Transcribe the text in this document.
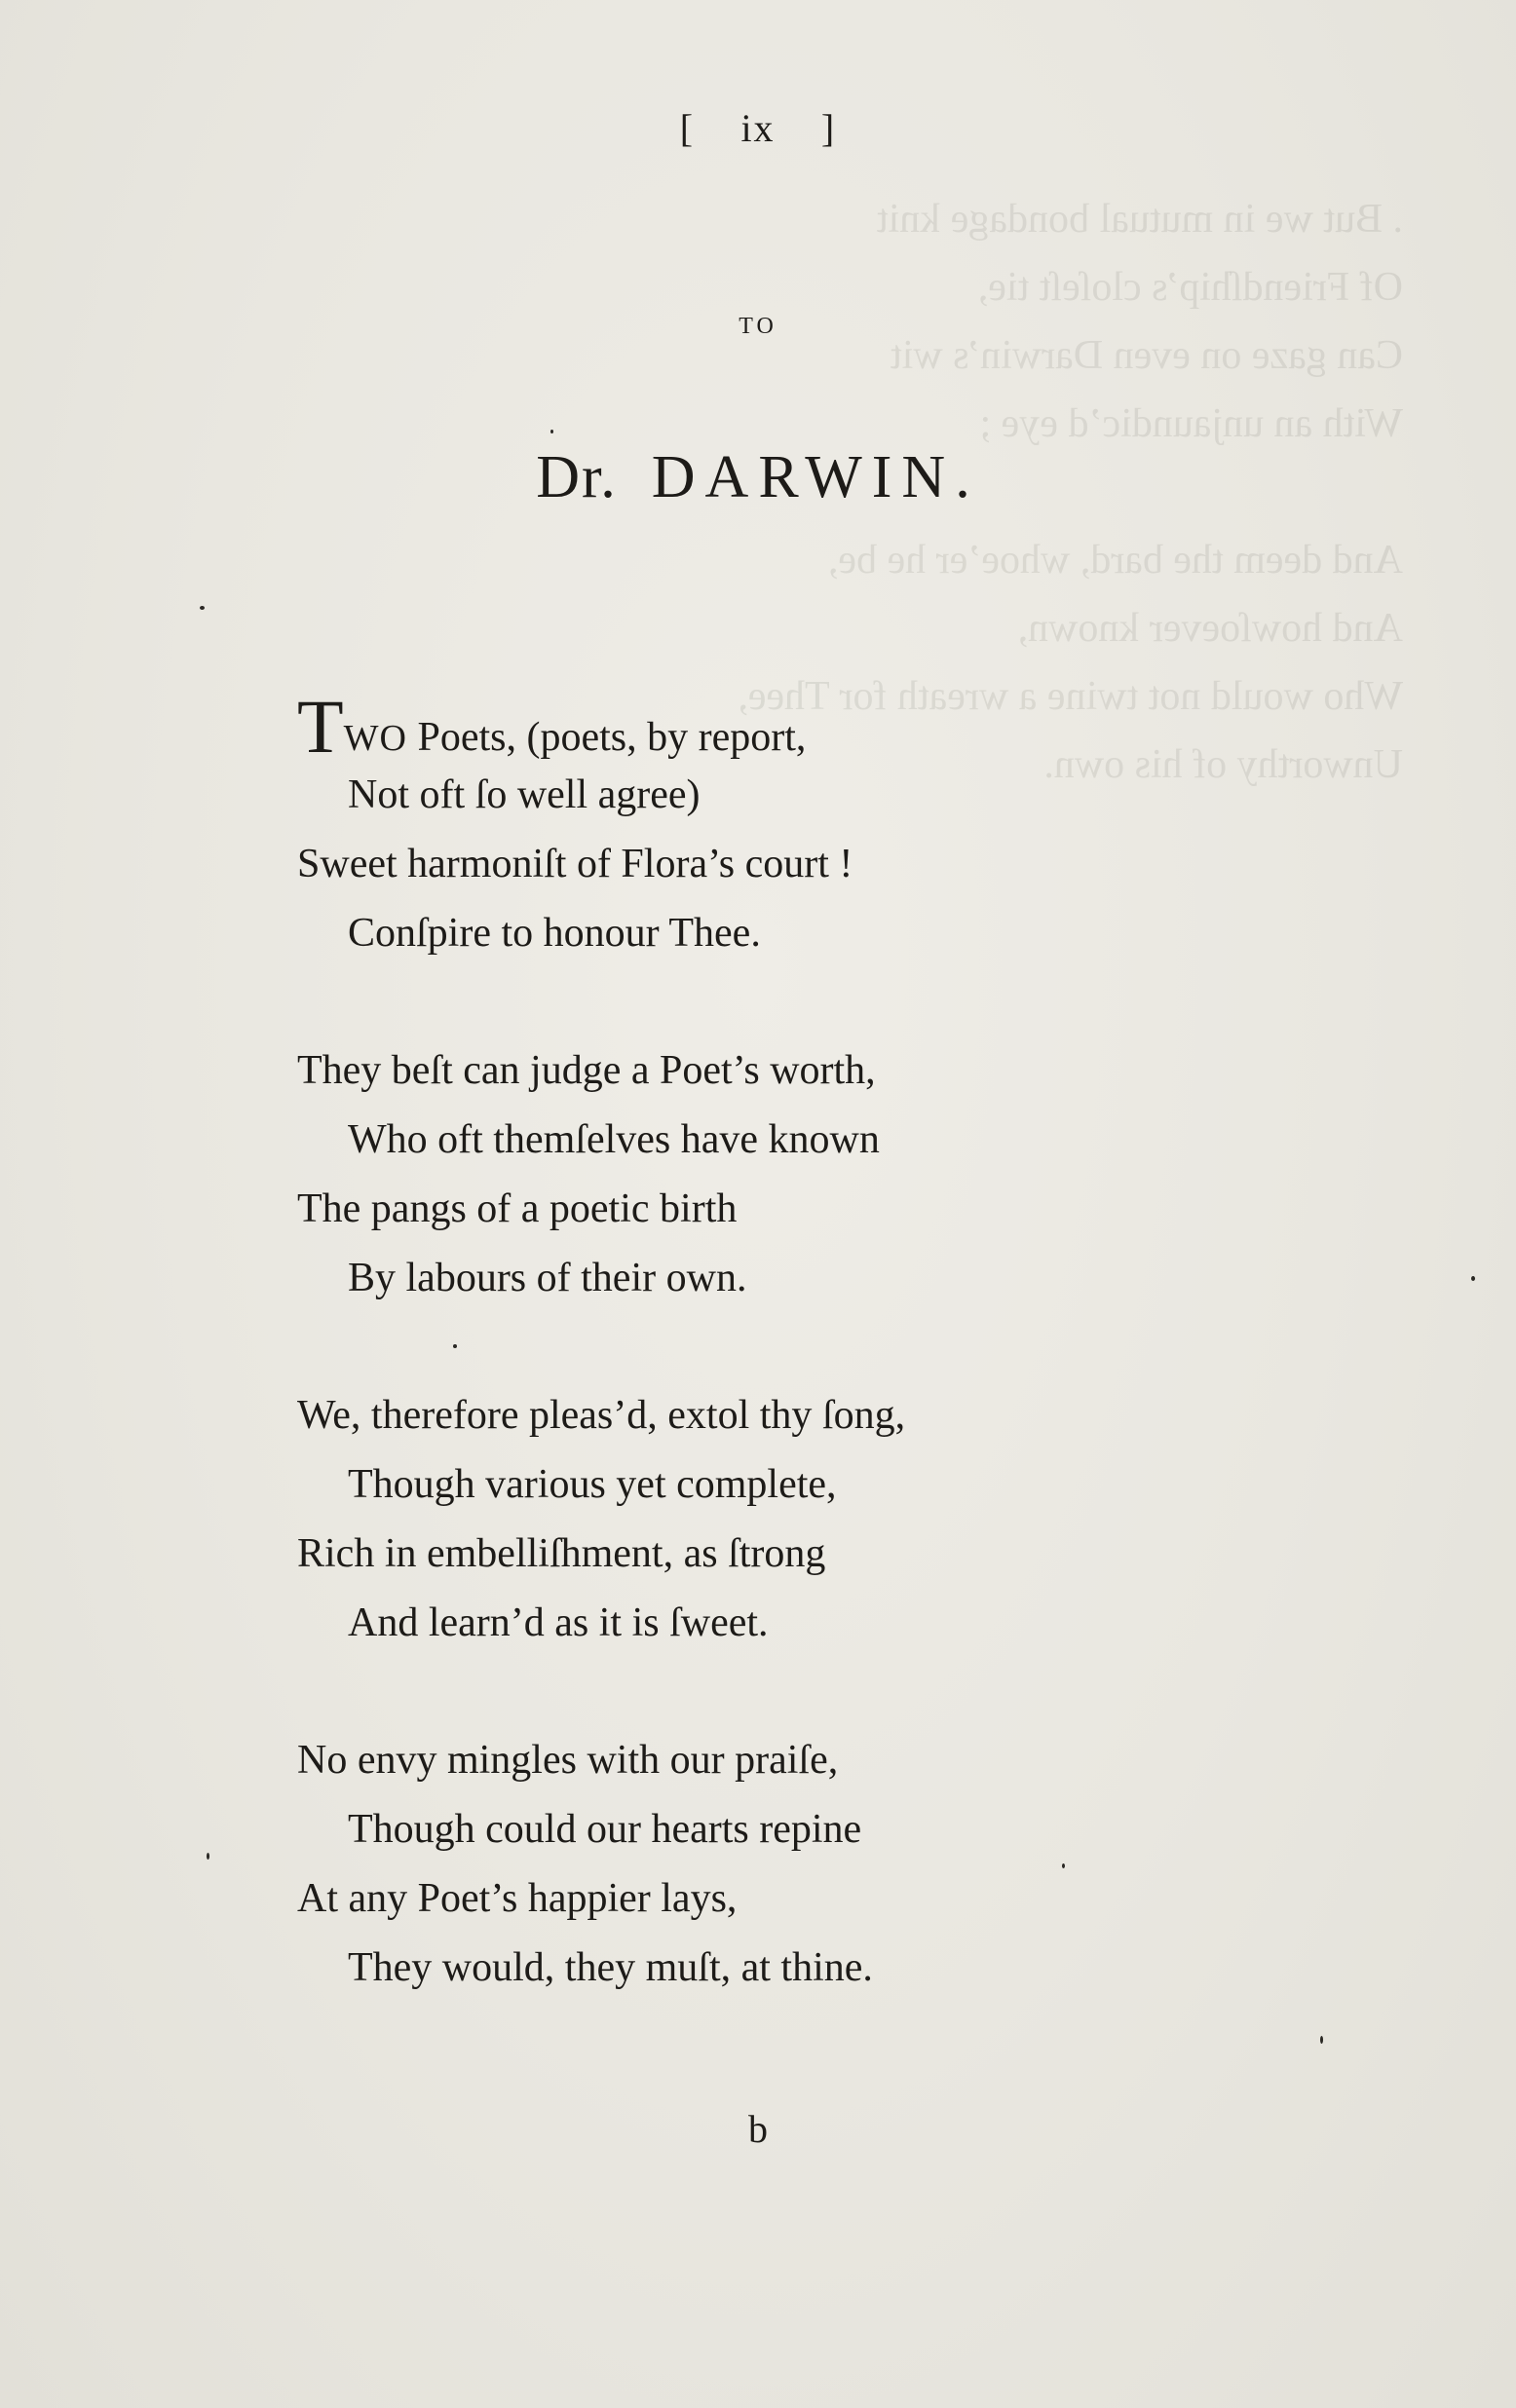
. But we in mutual bondage knit
Of Friendſhip’s cloſeſt tie,
Can gaze on even Darwin’s wit
With an unjaundic’d eye ;

And deem the bard, whoe’er he be,
And howſoever known,
Who would not twine a wreath for Thee,
Unworthy of his own.
[ ix ]
TO
Dr. DARWIN.
TWO Poets, (poets, by report,
Not oft ſo well agree)
Sweet harmoniſt of Flora’s court !
Conſpire to honour Thee.
They beſt can judge a Poet’s worth,
Who oft themſelves have known
The pangs of a poetic birth
By labours of their own.
We, therefore pleas’d, extol thy ſong,
Though various yet complete,
Rich in embelliſhment, as ſtrong
And learn’d as it is ſweet.
No envy mingles with our praiſe,
Though could our hearts repine
At any Poet’s happier lays,
They would, they muſt, at thine.
b
